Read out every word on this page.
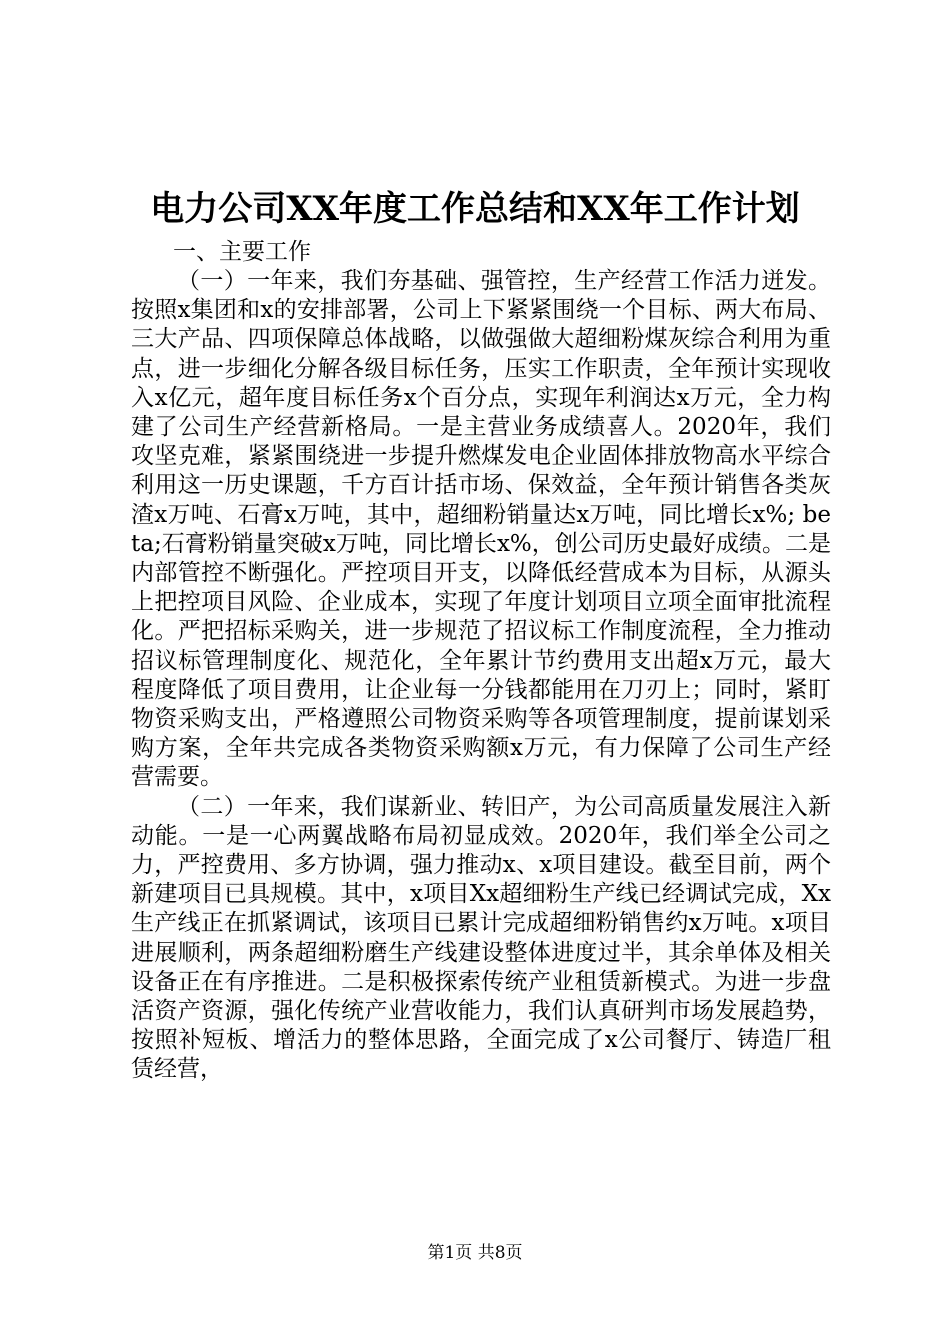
电力公司XX年度工作总结和XX年工作计划

一、主要工作

（一）一年来，我们夯基础、强管控，生产经营工作活力迸发。按照x集团和x的安排部署，公司上下紧紧围绕一个目标、两大布局、三大产品、四项保障总体战略，以做强做大超细粉煤灰综合利用为重点，进一步细化分解各级目标任务，压实工作职责，全年预计实现收入x亿元，超年度目标任务x个百分点，实现年利润达x万元，全力构建了公司生产经营新格局。一是主营业务成绩喜人。2020年，我们攻坚克难，紧紧围绕进一步提升燃煤发电企业固体排放物高水平综合利用这一历史课题，千方百计括市场、保效益，全年预计销售各类灰渣x万吨、石膏x万吨，其中，超细粉销量达x万吨，同比增长x%; beta;石膏粉销量突破x万吨，同比增长x%，创公司历史最好成绩。二是内部管控不断强化。严控项目开支，以降低经营成本为目标，从源头上把控项目风险、企业成本，实现了年度计划项目立项全面审批流程化。严把招标采购关，进一步规范了招议标工作制度流程，全力推动招议标管理制度化、规范化，全年累计节约费用支出超x万元，最大程度降低了项目费用，让企业每一分钱都能用在刀刃上；同时，紧盯物资采购支出，严格遵照公司物资采购等各项管理制度，提前谋划采购方案，全年共完成各类物资采购额x万元，有力保障了公司生产经营需要。

（二）一年来，我们谋新业、转旧产，为公司高质量发展注入新动能。一是一心两翼战略布局初显成效。2020年，我们举全公司之力，严控费用、多方协调，强力推动x、x项目建设。截至目前，两个新建项目已具规模。其中，x项目Xx超细粉生产线已经调试完成，Xx生产线正在抓紧调试，该项目已累计完成超细粉销售约x万吨。x项目进展顺利，两条超细粉磨生产线建设整体进度过半，其余单体及相关设备正在有序推进。二是积极探索传统产业租赁新模式。为进一步盘活资产资源，强化传统产业营收能力，我们认真研判市场发展趋势，按照补短板、增活力的整体思路，全面完成了x公司餐厅、铸造厂租赁经营，

第1页 共8页
